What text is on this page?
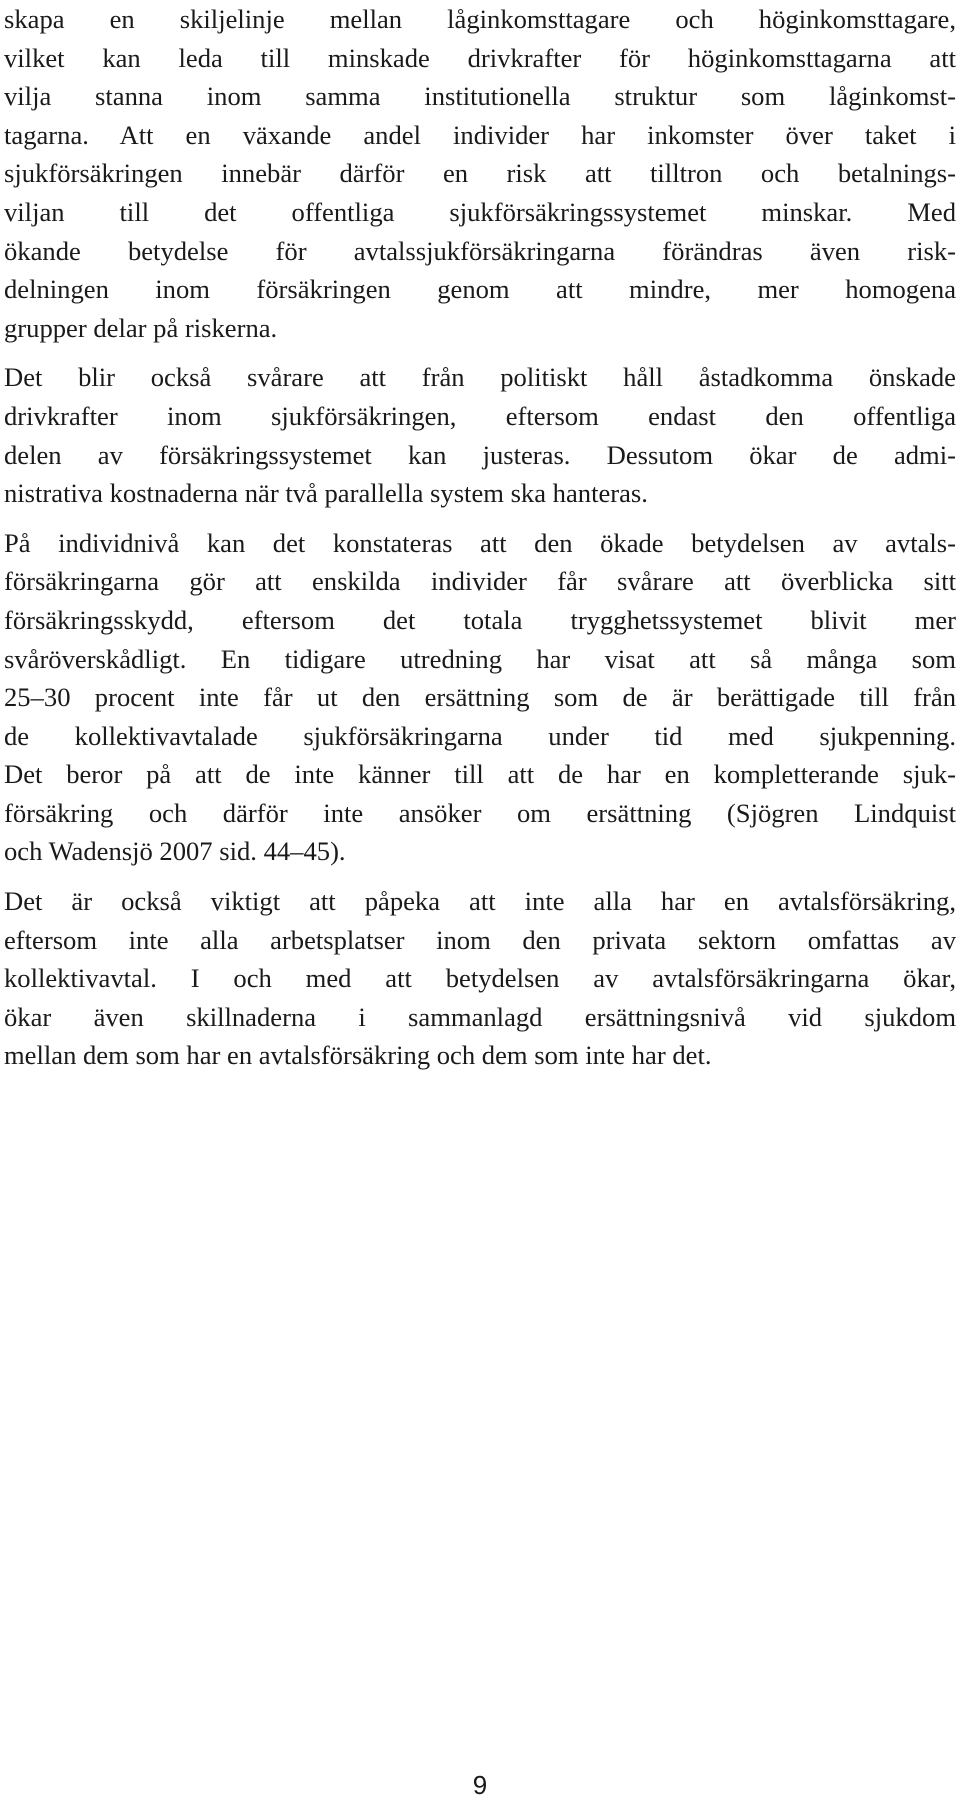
skapa en skiljelinje mellan låginkomsttagare och höginkomsttagare,
vilket kan leda till minskade drivkrafter för höginkomsttagarna att
vilja stanna inom samma institutionella struktur som låginkomst-
tagarna. Att en växande andel individer har inkomster över taket i
sjukförsäkringen innebär därför en risk att tilltron och betalnings-
viljan till det offentliga sjukförsäkringssystemet minskar. Med
ökande betydelse för avtalssjukförsäkringarna förändras även risk-
delningen inom försäkringen genom att mindre, mer homogena
grupper delar på riskerna.
Det blir också svårare att från politiskt håll åstadkomma önskade
drivkrafter inom sjukförsäkringen, eftersom endast den offentliga
delen av försäkringssystemet kan justeras. Dessutom ökar de admi-
nistrativa kostnaderna när två parallella system ska hanteras.
På individnivå kan det konstateras att den ökade betydelsen av avtals-
försäkringarna gör att enskilda individer får svårare att överblicka sitt
försäkringsskydd, eftersom det totala trygghetssystemet blivit mer
svåröverskådligt. En tidigare utredning har visat att så många som
25–30 procent inte får ut den ersättning som de är berättigade till från
de kollektivavtalade sjukförsäkringarna under tid med sjukpenning.
Det beror på att de inte känner till att de har en kompletterande sjuk-
försäkring och därför inte ansöker om ersättning (Sjögren Lindquist
och Wadensjö 2007 sid. 44–45).
Det är också viktigt att påpeka att inte alla har en avtalsförsäkring,
eftersom inte alla arbetsplatser inom den privata sektorn omfattas av
kollektivavtal. I och med att betydelsen av avtalsförsäkringarna ökar,
ökar även skillnaderna i sammanlagd ersättningsnivå vid sjukdom
mellan dem som har en avtalsförsäkring och dem som inte har det.
9
